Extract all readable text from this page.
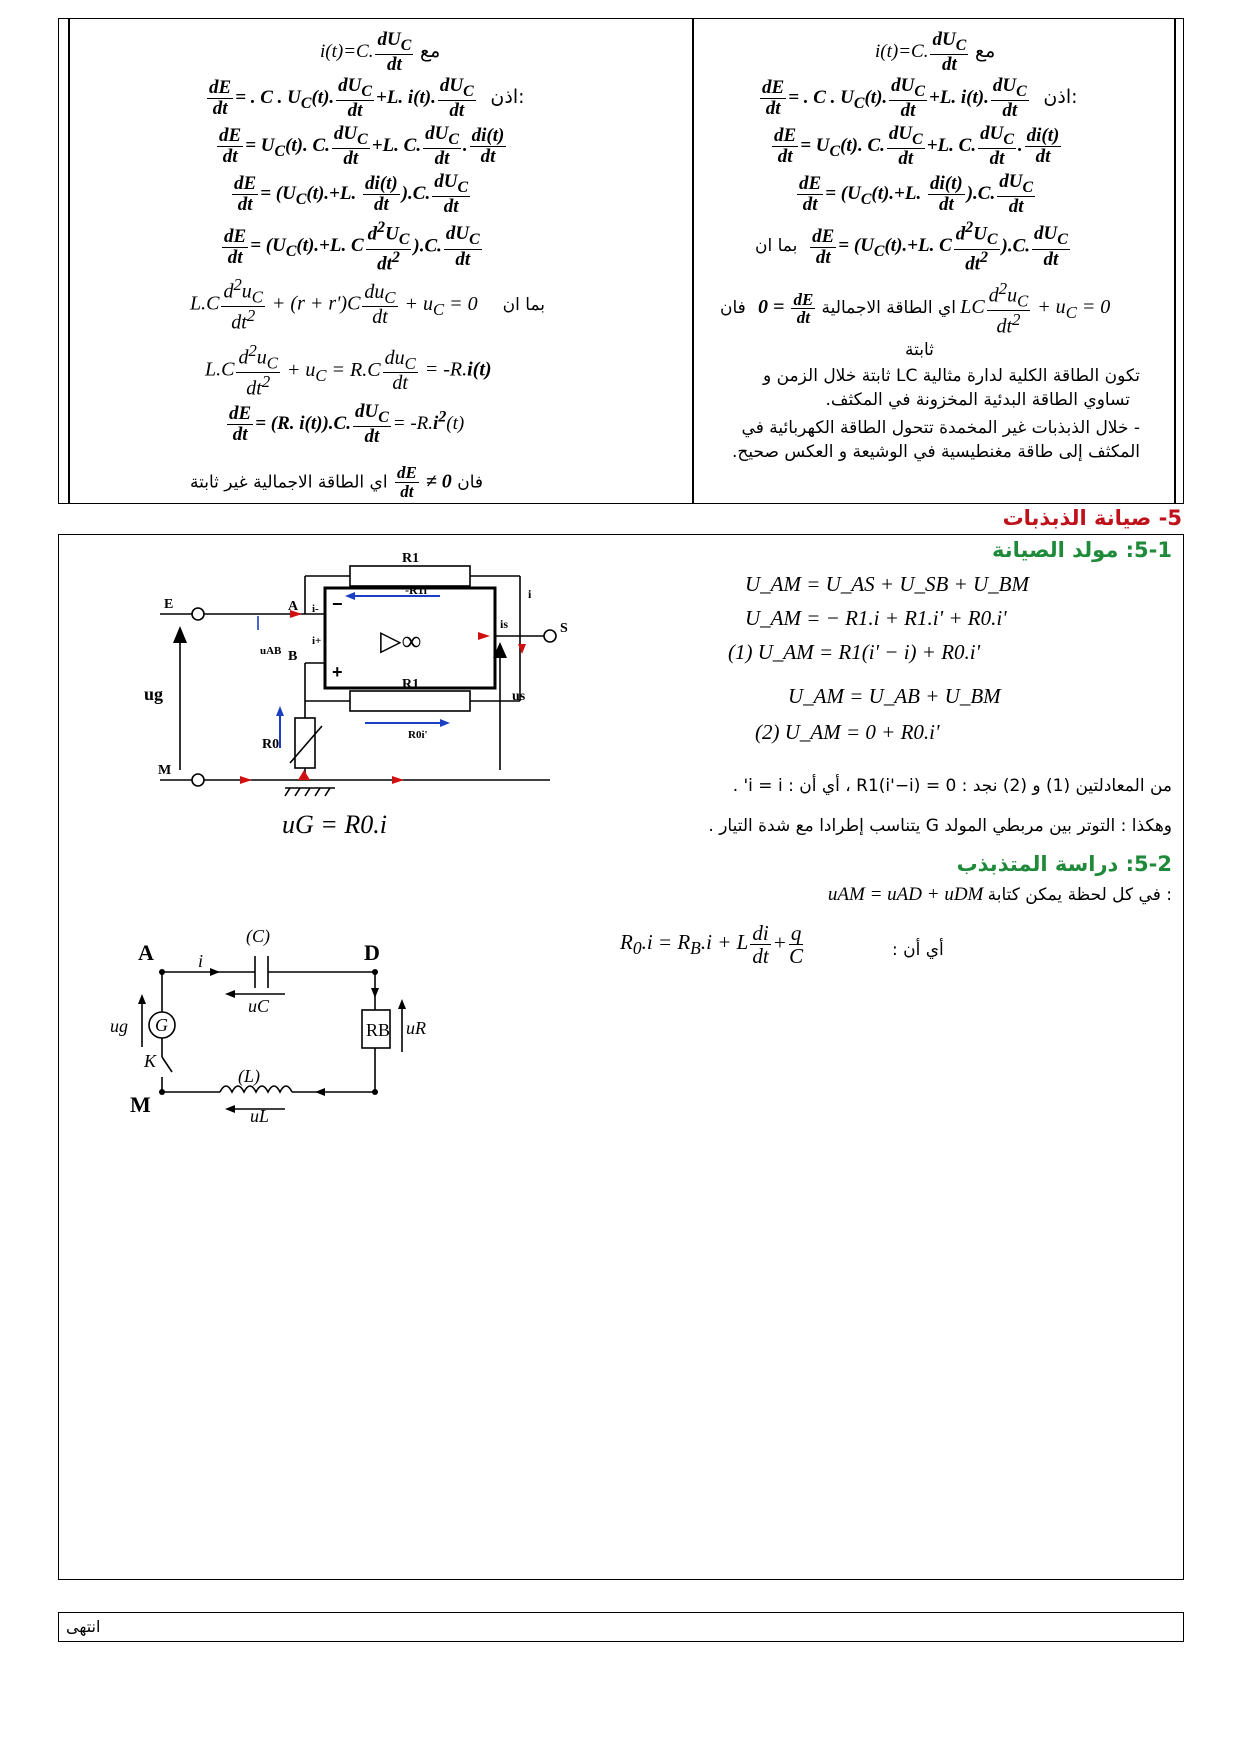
i(t)=C. $\frac{dU_C}{dt}$ مع
$\frac{dE}{dt}$ = . C . $U_C(t)$. $\frac{dU_C}{dt} +L$. i(t). $\frac{dU_C}{dt}$ اذن:
$\frac{dE}{dt} = U_C(t)$. C. $\frac{dU_C}{dt} +L$. C. $\frac{dU_C}{dt}$ . $\frac{di(t)}{dt}$
$\frac{dE}{dt} = (U_C(t).+L$. $\frac{di(t)}{dt} ).C$. $\frac{dU_C}{dt}$
$\frac{dE}{dt} = (U_C(t).+L$. C $\frac{d^2U_C}{dt^2} ).C$. $\frac{dU_C}{dt}$
$L.C \frac{d^2u_C}{dt^2} + (r + r')C \frac{du_C}{dt} + u_C = 0$ بما ان
$L.C \frac{d^2u_C}{dt^2} + u_C = R.C \frac{du_C}{dt} = -R.i(t)$
$\frac{dE}{dt} = (R$. i(t)).C. $\frac{dU_C}{dt} = -R.i^2(t)$
فان 0 ≠
$\frac{dE}{dt}$
اي الطاقة الاجمالية غير ثابتة
i(t)=C. $\frac{dU_C}{dt}$ مع
$\frac{dE}{dt}$ = . C . $U_C(t)$. $\frac{dU_C}{dt} +L$. i(t). $\frac{dU_C}{dt}$ اذن:
$\frac{dE}{dt} = U_C(t)$. C. $\frac{dU_C}{dt} +L$. C. $\frac{dU_C}{dt}$ . $\frac{di(t)}{dt}$
$\frac{dE}{dt} = (U_C(t).+L$. $\frac{di(t)}{dt} ).C$. $\frac{dU_C}{dt}$
بما ان $\frac{dE}{dt} = (U_C(t).+L$. C $\frac{d^2U_C}{dt^2} ).C$. $\frac{dU_C}{dt}$
اي الطاقة الاجمالية
$\frac{dE}{dt}$
= 0 فان	LC $\frac{d^2u_C}{dt^2} + u_C = 0$
ثابتة
تكون الطاقة الكلية لدارة مثالية LC ثابتة خلال الزمن و
تساوي الطاقة البدئية المخزونة في المكثف.
- خلال الذبذبات غير المخمدة تتحول الطاقة الكهربائية في
المكثف إلى طاقة مغنطيسية في الوشيعة و العكس صحيح.
5- صيانة الذبذبات
5-1: مولد الصيانة
▷∞
−
+
E
M
A
B
S
R1
R1
R0
ug	us
uAB
i-
i+
i
is
-R1i
R0i'
U_AM = U_AS + U_SB + U_BM
U_AM = − R1.i + R1.i' + R0.i'
(1) U_AM = R1(i' − i) + R0.i'
U_AM = U_AB + U_BM
(2) U_AM = 0 + R0.i'
من المعادلتين (1) و (2) نجد : R1(i'−i) = 0 ، أي أن : i = i' .
وهكذا : التوتر بين مربطي المولد G يتناسب إطرادا مع شدة التيار .
uG = R0.i
5-2: دراسة المتذبذب
uAM = uAD + uDM في كل لحظة يمكن كتابة :
A	D
M
(C)
(L)
G	RB
K
i
uC
uL
ug	uR
$R_0.i = R_B.i + L \frac{di}{dt} + \frac{q}{C}$	أي أن :
انتهى
